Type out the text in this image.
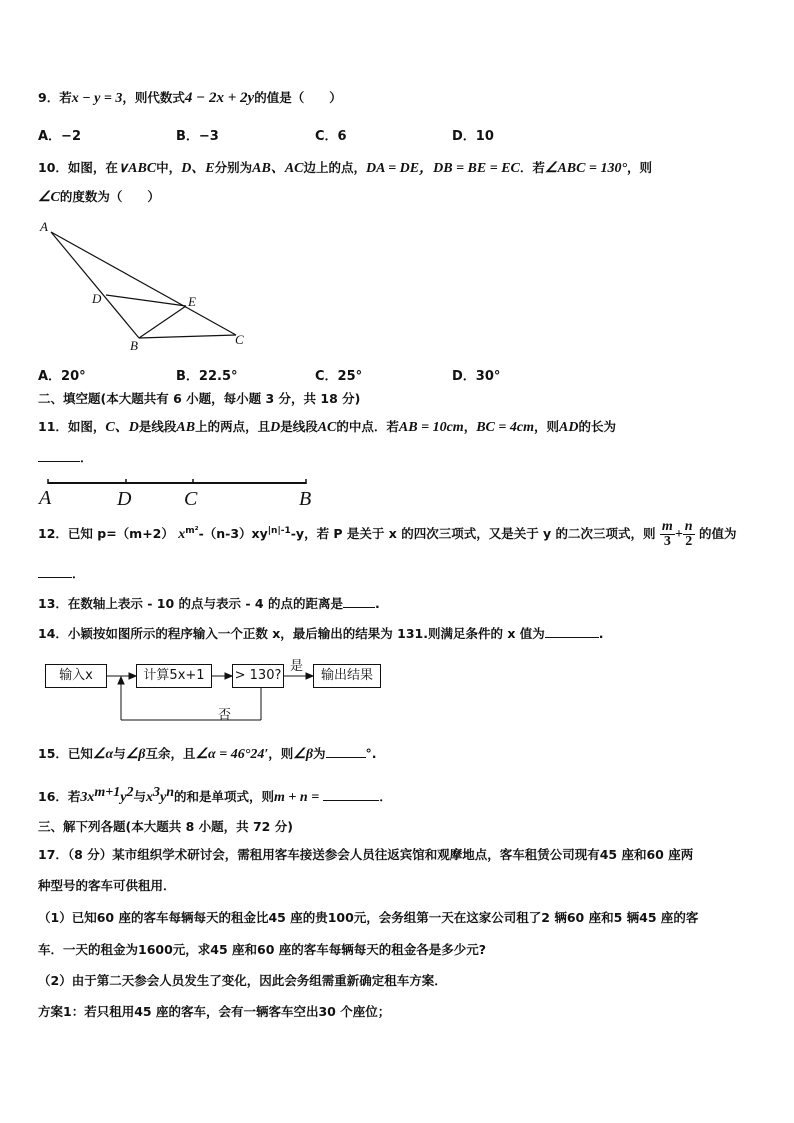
9．若x − y = 3，则代数式4 − 2x + 2y的值是（　　）
A．−2	B．−3	C．6	D．10
10．如图，在∨ABC中，D、E分别为AB、AC边上的点，DA = DE，DB = BE = EC．若∠ABC = 130°，则
∠C的度数为（　　）
A
D	E
B	C
A．20°	B．22.5°	C．25°	D．30°
二、填空题(本大题共有 6 小题，每小题 3 分，共 18 分)
11．如图，C、D是线段AB上的两点，且D是线段AC的中点．若AB = 10cm，BC = 4cm，则AD的长为
．
A	D	C	B
12．已知 p=（m+2） $x^{m^2}-(n-3)xy^{|n|-1}-y$，若 P 是关于 x 的四次三项式，又是关于 y 的二次三项式，则 $\frac{m}{3} + \frac{n}{2}$ 的值为
．
13．在数轴上表示 - 10 的点与表示 - 4 的点的距离是	.
14．小颖按如图所示的程序输入一个正数 x，最后输出的结果为 131.则满足条件的 x 值为	.
输入x	计算5x+1	> 130?	输出结果
是
否
15．已知∠α与∠β互余，且∠α = 46°24′，则∠β为	°.
16．若$3x^{m+1}y^2$与$x^3y^n$的和是单项式，则m + n =	．
三、解下列各题(本大题共 8 小题，共 72 分)
17．（8 分）某市组织学术研讨会，需租用客车接送参会人员往返宾馆和观摩地点，客车租赁公司现有45 座和60 座两
种型号的客车可供租用．
（1）已知60 座的客车每辆每天的租金比45 座的贵100元，会务组第一天在这家公司租了2 辆60 座和5 辆45 座的客
车．一天的租金为1600元，求45 座和60 座的客车每辆每天的租金各是多少元?
（2）由于第二天参会人员发生了变化，因此会务组需重新确定租车方案．
方案1：若只租用45 座的客车，会有一辆客车空出30 个座位；
